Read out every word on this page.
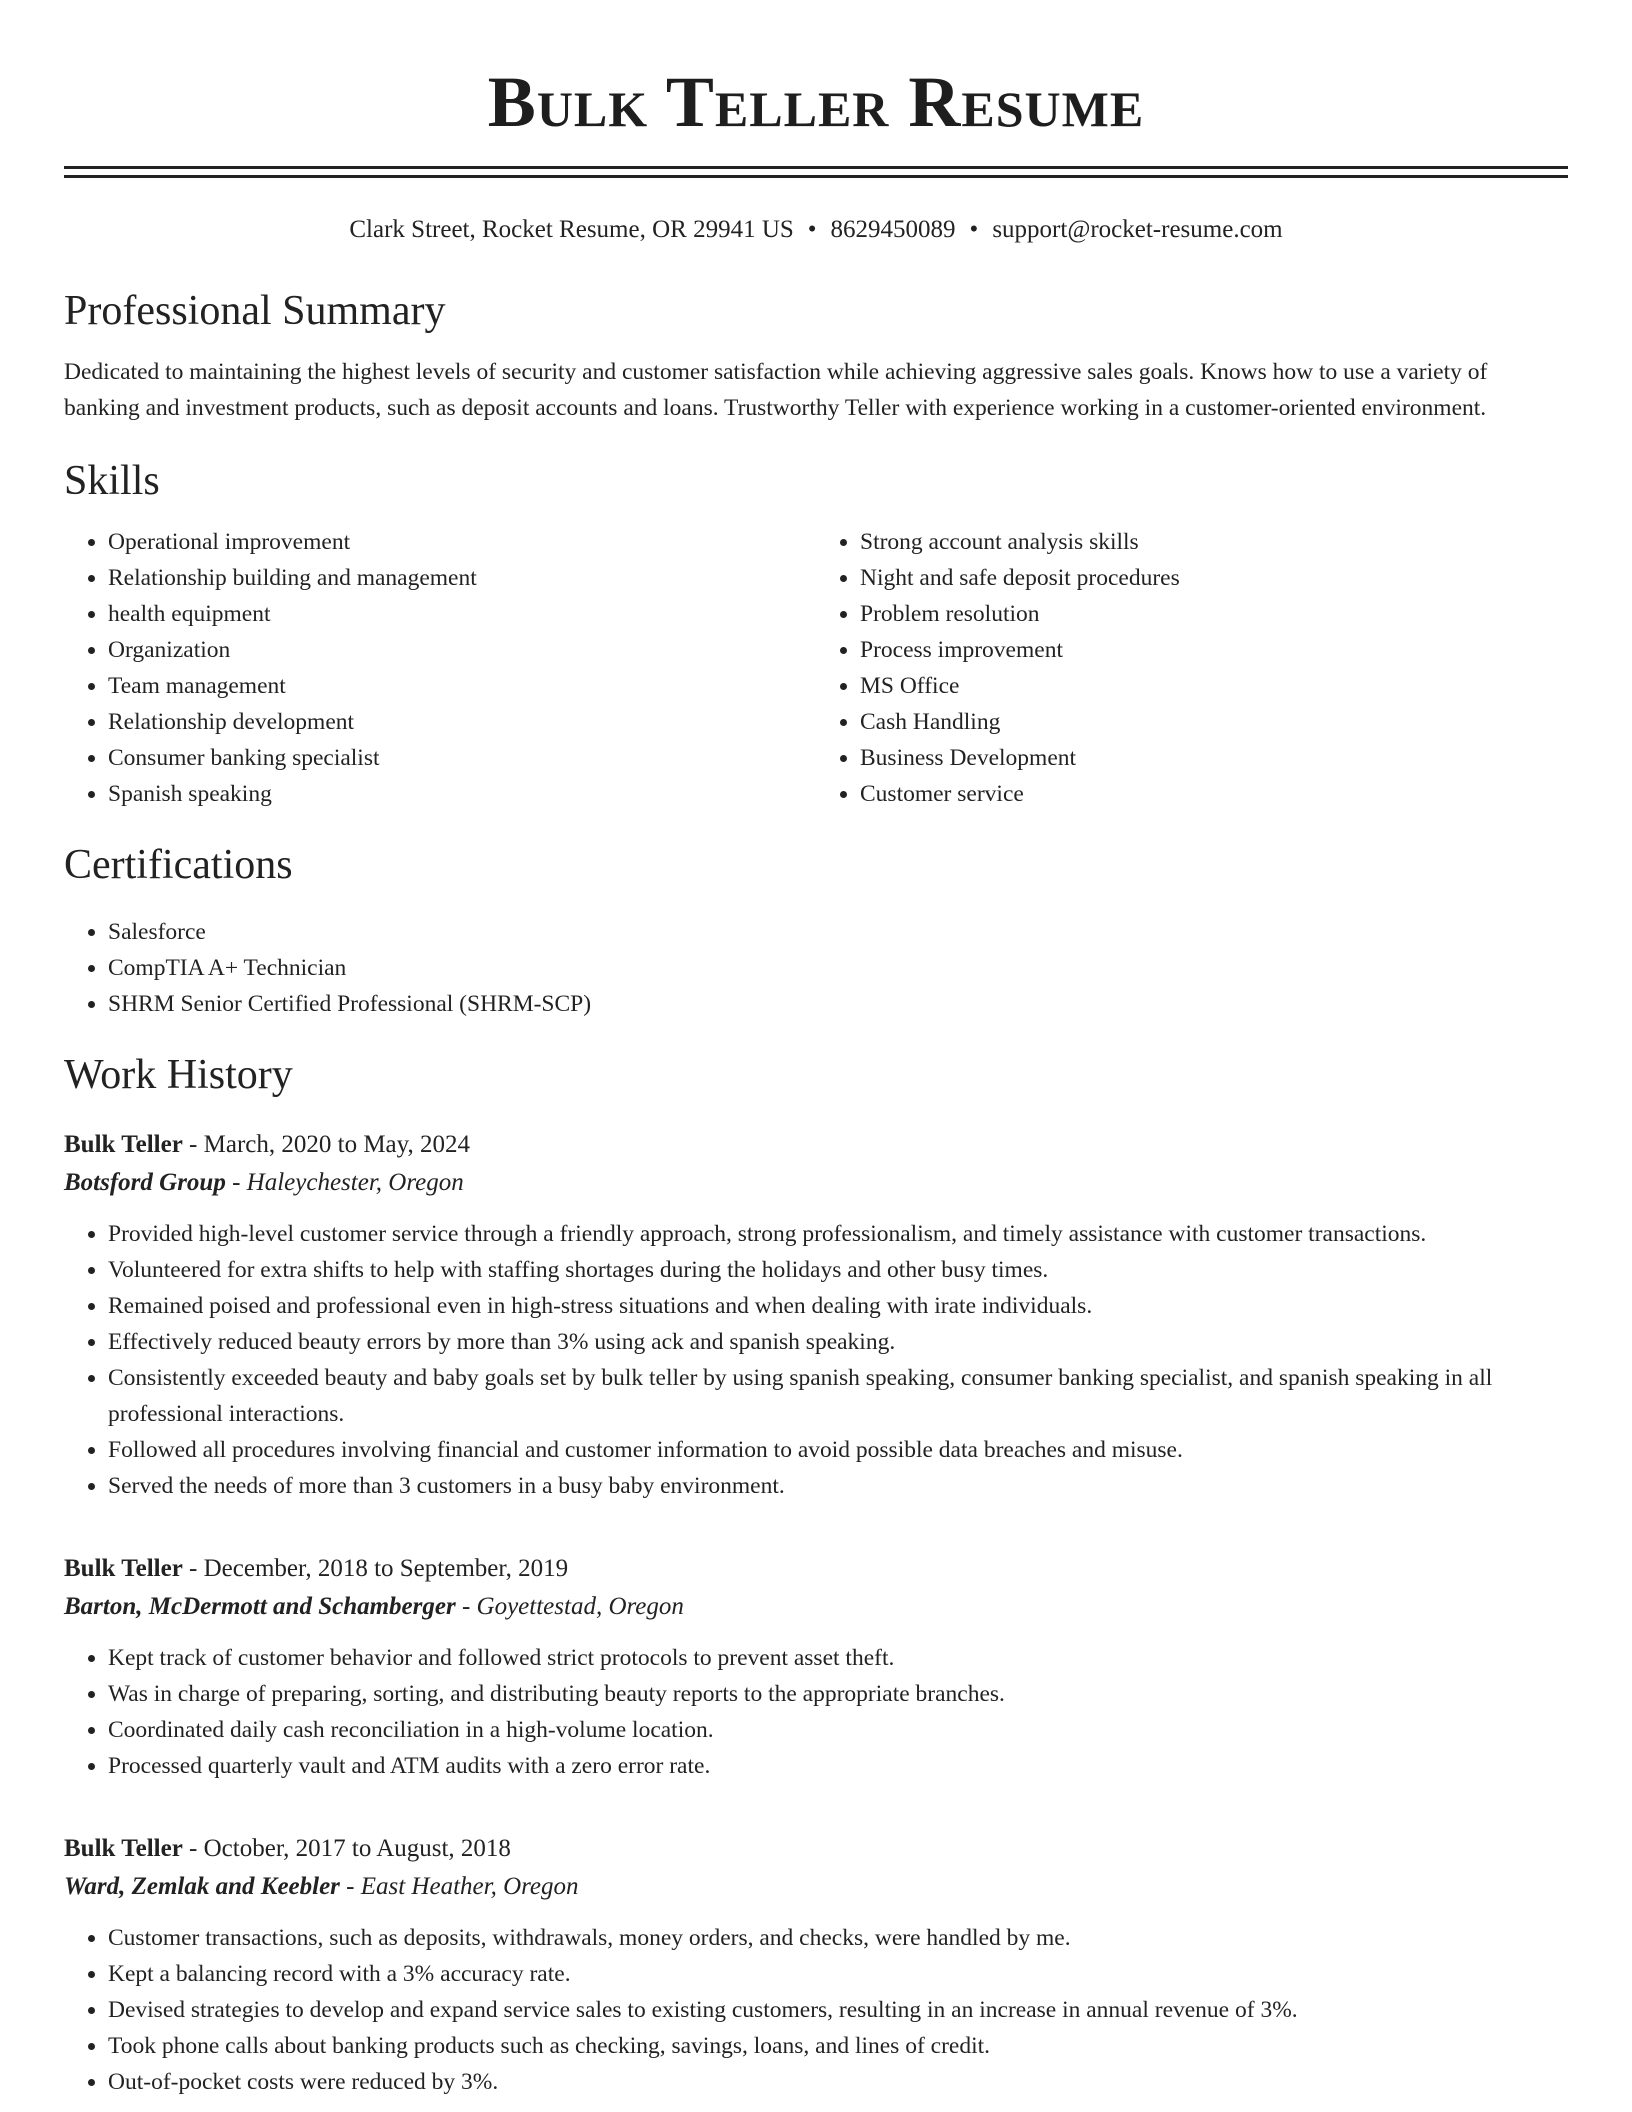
Bulk Teller Resume
Clark Street, Rocket Resume, OR 29941 US • 8629450089 • support@rocket-resume.com
Professional Summary

Dedicated to maintaining the highest levels of security and customer satisfaction while achieving aggressive sales goals. Knows how to use a variety of banking and investment products, such as deposit accounts and loans. Trustworthy Teller with experience working in a customer-oriented environment.

Skills
• Operational improvement
• Relationship building and management
• health equipment
• Organization
• Team management
• Relationship development
• Consumer banking specialist
• Spanish speaking
• Strong account analysis skills
• Night and safe deposit procedures
• Problem resolution
• Process improvement
• MS Office
• Cash Handling
• Business Development
• Customer service
Certifications
• Salesforce
• CompTIA A+ Technician
• SHRM Senior Certified Professional (SHRM-SCP)
Work History
Bulk Teller - March, 2020 to May, 2024
Botsford Group - Haleychester, Oregon
• Provided high-level customer service through a friendly approach, strong professionalism, and timely assistance with customer transactions.
• Volunteered for extra shifts to help with staffing shortages during the holidays and other busy times.
• Remained poised and professional even in high-stress situations and when dealing with irate individuals.
• Effectively reduced beauty errors by more than 3% using ack and spanish speaking.
• Consistently exceeded beauty and baby goals set by bulk teller by using spanish speaking, consumer banking specialist, and spanish speaking in all professional interactions.
• Followed all procedures involving financial and customer information to avoid possible data breaches and misuse.
• Served the needs of more than 3 customers in a busy baby environment.
Bulk Teller - December, 2018 to September, 2019
Barton, McDermott and Schamberger - Goyettestad, Oregon
• Kept track of customer behavior and followed strict protocols to prevent asset theft.
• Was in charge of preparing, sorting, and distributing beauty reports to the appropriate branches.
• Coordinated daily cash reconciliation in a high-volume location.
• Processed quarterly vault and ATM audits with a zero error rate.
Bulk Teller - October, 2017 to August, 2018
Ward, Zemlak and Keebler - East Heather, Oregon
• Customer transactions, such as deposits, withdrawals, money orders, and checks, were handled by me.
• Kept a balancing record with a 3% accuracy rate.
• Devised strategies to develop and expand service sales to existing customers, resulting in an increase in annual revenue of 3%.
• Took phone calls about banking products such as checking, savings, loans, and lines of credit.
• Out-of-pocket costs were reduced by 3%.
